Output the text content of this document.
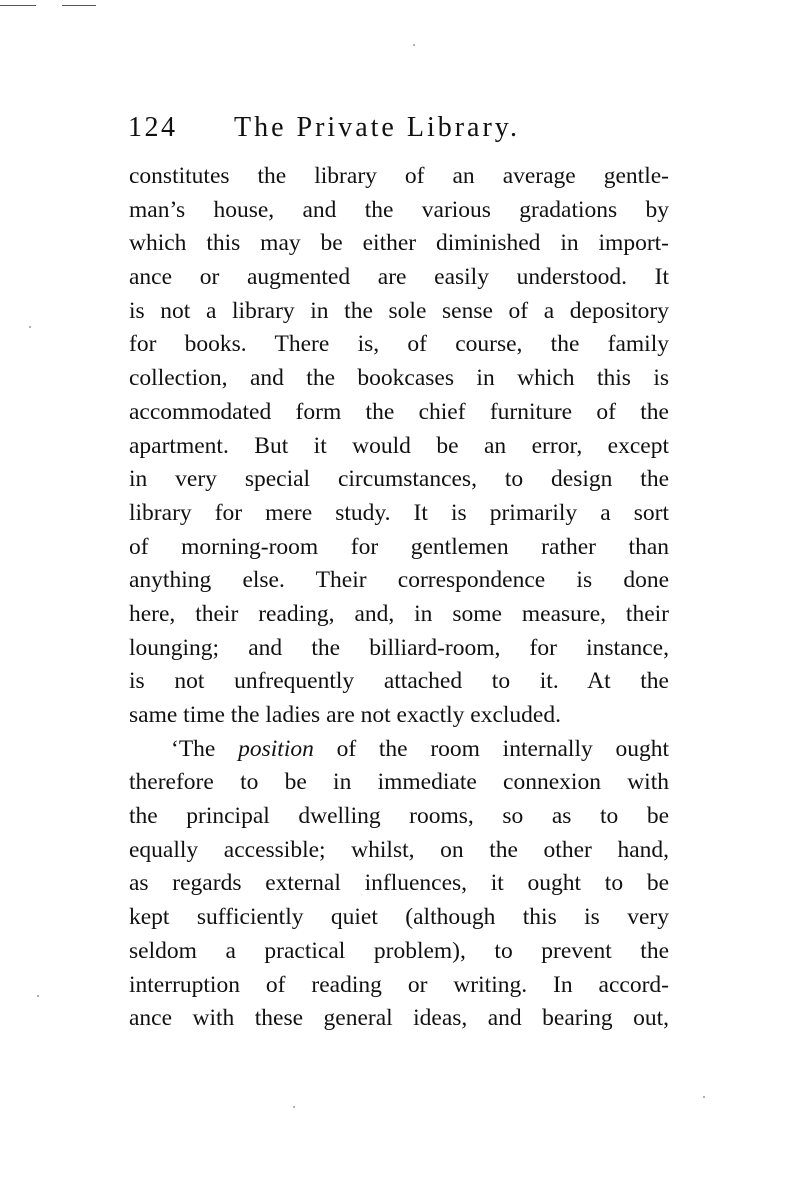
124 The Private Library.
constitutes the library of an average gentle-
man’s house, and the various gradations by
which this may be either diminished in import-
ance or augmented are easily understood. It
is not a library in the sole sense of a depository
for books. There is, of course, the family
collection, and the bookcases in which this is
accommodated form the chief furniture of the
apartment. But it would be an error, except
in very special circumstances, to design the
library for mere study. It is primarily a sort
of morning-room for gentlemen rather than
anything else. Their correspondence is done
here, their reading, and, in some measure, their
lounging; and the billiard-room, for instance,
is not unfrequently attached to it. At the
same time the ladies are not exactly excluded.
‘The position of the room internally ought
therefore to be in immediate connexion with
the principal dwelling rooms, so as to be
equally accessible; whilst, on the other hand,
as regards external influences, it ought to be
kept sufficiently quiet (although this is very
seldom a practical problem), to prevent the
interruption of reading or writing. In accord-
ance with these general ideas, and bearing out,
